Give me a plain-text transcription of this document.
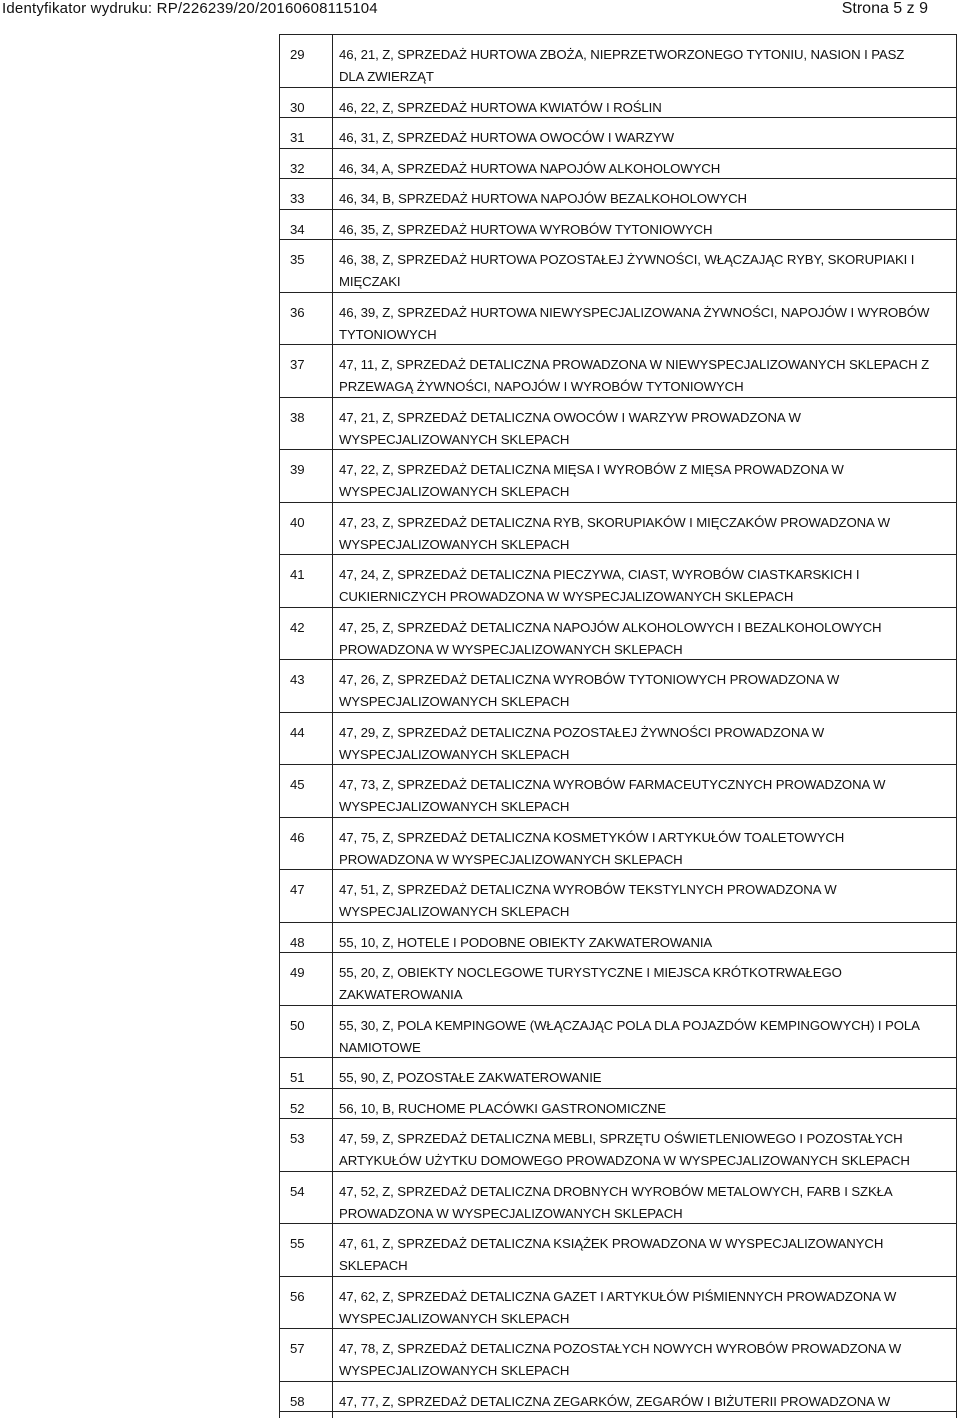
Identyfikator wydruku: RP/226239/20/20160608115104	Strona 5 z 9
29	46, 21, Z, SPRZEDAŻ HURTOWA ZBOŻA, NIEPRZETWORZONEGO TYTONIU, NASION I PASZ
DLA ZWIERZĄT
30	46, 22, Z, SPRZEDAŻ HURTOWA KWIATÓW I ROŚLIN
31	46, 31, Z, SPRZEDAŻ HURTOWA OWOCÓW I WARZYW
32	46, 34, A, SPRZEDAŻ HURTOWA NAPOJÓW ALKOHOLOWYCH
33	46, 34, B, SPRZEDAŻ HURTOWA NAPOJÓW BEZALKOHOLOWYCH
34	46, 35, Z, SPRZEDAŻ HURTOWA WYROBÓW TYTONIOWYCH
35	46, 38, Z, SPRZEDAŻ HURTOWA POZOSTAŁEJ ŻYWNOŚCI, WŁĄCZAJĄC RYBY, SKORUPIAKI I
MIĘCZAKI
36	46, 39, Z, SPRZEDAŻ HURTOWA NIEWYSPECJALIZOWANA ŻYWNOŚCI, NAPOJÓW I WYROBÓW
TYTONIOWYCH
37	47, 11, Z, SPRZEDAŻ DETALICZNA PROWADZONA W NIEWYSPECJALIZOWANYCH SKLEPACH Z
PRZEWAGĄ ŻYWNOŚCI, NAPOJÓW I WYROBÓW TYTONIOWYCH
38	47, 21, Z, SPRZEDAŻ DETALICZNA OWOCÓW I WARZYW PROWADZONA W
WYSPECJALIZOWANYCH SKLEPACH
39	47, 22, Z, SPRZEDAŻ DETALICZNA MIĘSA I WYROBÓW Z MIĘSA PROWADZONA W
WYSPECJALIZOWANYCH SKLEPACH
40	47, 23, Z, SPRZEDAŻ DETALICZNA RYB, SKORUPIAKÓW I MIĘCZAKÓW PROWADZONA W
WYSPECJALIZOWANYCH SKLEPACH
41	47, 24, Z, SPRZEDAŻ DETALICZNA PIECZYWA, CIAST, WYROBÓW CIASTKARSKICH I
CUKIERNICZYCH PROWADZONA W WYSPECJALIZOWANYCH SKLEPACH
42	47, 25, Z, SPRZEDAŻ DETALICZNA NAPOJÓW ALKOHOLOWYCH I BEZALKOHOLOWYCH
PROWADZONA W WYSPECJALIZOWANYCH SKLEPACH
43	47, 26, Z, SPRZEDAŻ DETALICZNA WYROBÓW TYTONIOWYCH PROWADZONA W
WYSPECJALIZOWANYCH SKLEPACH
44	47, 29, Z, SPRZEDAŻ DETALICZNA POZOSTAŁEJ ŻYWNOŚCI PROWADZONA W
WYSPECJALIZOWANYCH SKLEPACH
45	47, 73, Z, SPRZEDAŻ DETALICZNA WYROBÓW FARMACEUTYCZNYCH PROWADZONA W
WYSPECJALIZOWANYCH SKLEPACH
46	47, 75, Z, SPRZEDAŻ DETALICZNA KOSMETYKÓW I ARTYKUŁÓW TOALETOWYCH
PROWADZONA W WYSPECJALIZOWANYCH SKLEPACH
47	47, 51, Z, SPRZEDAŻ DETALICZNA WYROBÓW TEKSTYLNYCH PROWADZONA W
WYSPECJALIZOWANYCH SKLEPACH
48	55, 10, Z, HOTELE I PODOBNE OBIEKTY ZAKWATEROWANIA
49	55, 20, Z, OBIEKTY NOCLEGOWE TURYSTYCZNE I MIEJSCA KRÓTKOTRWAŁEGO
ZAKWATEROWANIA
50	55, 30, Z, POLA KEMPINGOWE (WŁĄCZAJĄC POLA DLA POJAZDÓW KEMPINGOWYCH) I POLA
NAMIOTOWE
51	55, 90, Z, POZOSTAŁE ZAKWATEROWANIE
52	56, 10, B, RUCHOME PLACÓWKI GASTRONOMICZNE
53	47, 59, Z, SPRZEDAŻ DETALICZNA MEBLI, SPRZĘTU OŚWIETLENIOWEGO I POZOSTAŁYCH
ARTYKUŁÓW UŻYTKU DOMOWEGO PROWADZONA W WYSPECJALIZOWANYCH SKLEPACH
54	47, 52, Z, SPRZEDAŻ DETALICZNA DROBNYCH WYROBÓW METALOWYCH, FARB I SZKŁA
PROWADZONA W WYSPECJALIZOWANYCH SKLEPACH
55	47, 61, Z, SPRZEDAŻ DETALICZNA KSIĄŻEK PROWADZONA W WYSPECJALIZOWANYCH
SKLEPACH
56	47, 62, Z, SPRZEDAŻ DETALICZNA GAZET I ARTYKUŁÓW PIŚMIENNYCH PROWADZONA W
WYSPECJALIZOWANYCH SKLEPACH
57	47, 78, Z, SPRZEDAŻ DETALICZNA POZOSTAŁYCH NOWYCH WYROBÓW PROWADZONA W
WYSPECJALIZOWANYCH SKLEPACH
58	47, 77, Z, SPRZEDAŻ DETALICZNA ZEGARKÓW, ZEGARÓW I BIŻUTERII PROWADZONA W
